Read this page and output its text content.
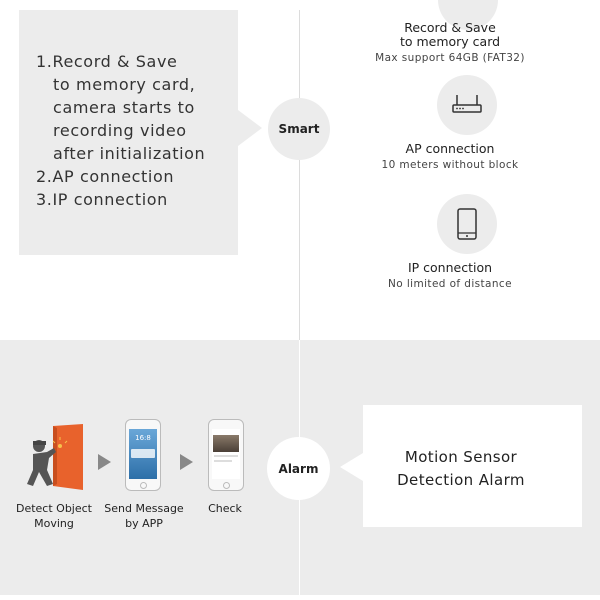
1.Record & Save
to memory card,
camera starts to
recording video
after initialization
2.AP connection
3.IP connection
Smart
Record & Save
to memory card
Max support 64GB (FAT32)
AP connection
10 meters without block
IP connection
No limited of distance
16:8
Detect Object
Moving
Send Message
by APP
Check
Alarm
Motion Sensor
Detection Alarm
